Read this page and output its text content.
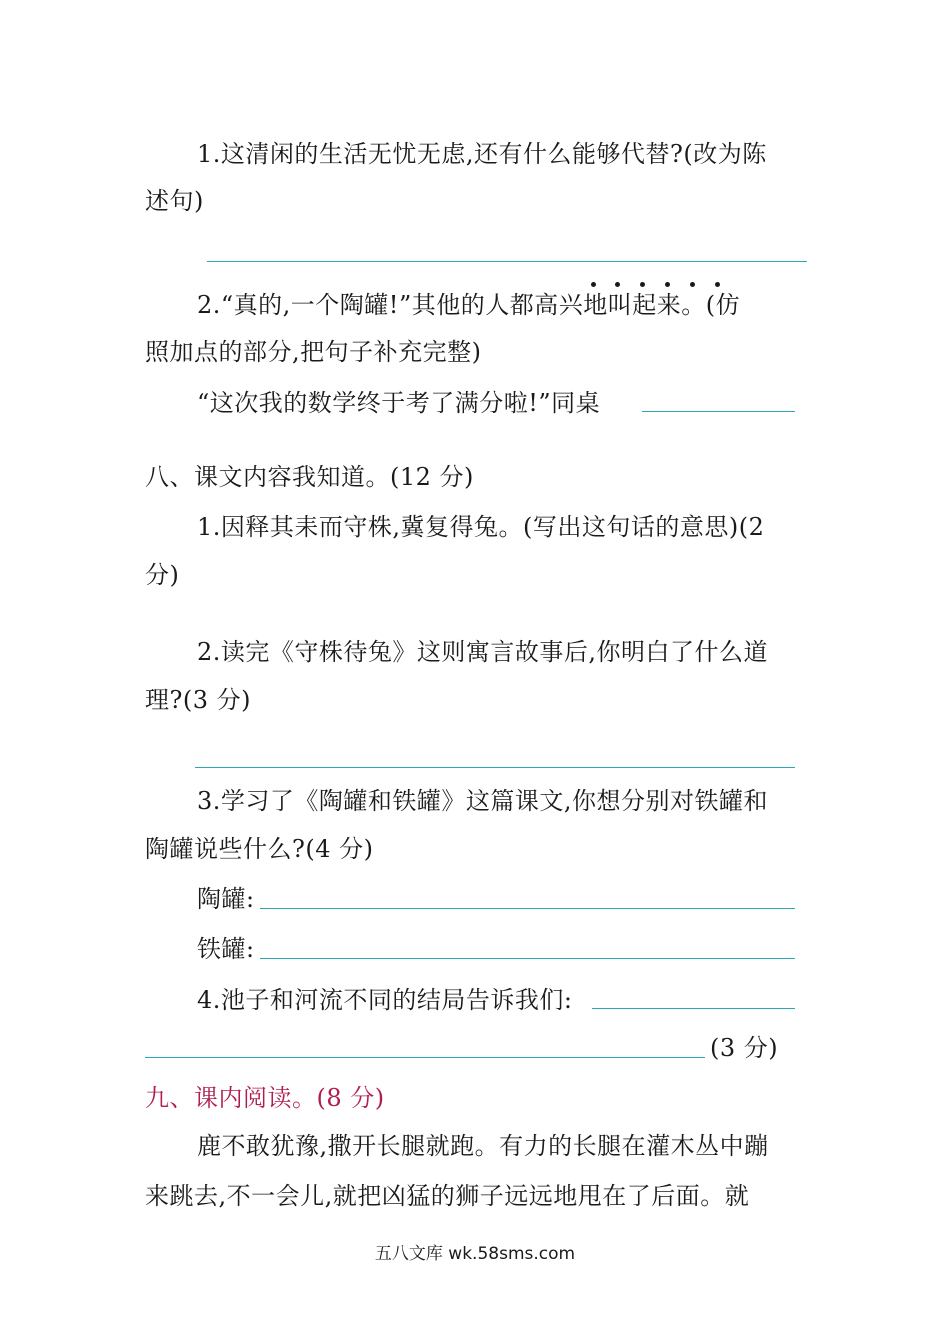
1.这清闲的生活无忧无虑,还有什么能够代替?(改为陈
述句)
2.“真的,一个陶罐!”其他的人都高兴地叫起来。(仿
照加点的部分,把句子补充完整)
“这次我的数学终于考了满分啦!”同桌
八、课文内容我知道。(12 分)
1.因释其耒而守株,冀复得兔。(写出这句话的意思)(2
分)
2.读完《守株待兔》这则寓言故事后,你明白了什么道
理?(3 分)
3.学习了《陶罐和铁罐》这篇课文,你想分别对铁罐和
陶罐说些什么?(4 分)
陶罐:
铁罐:
4.池子和河流不同的结局告诉我们:
(3 分)
九、课内阅读。(8 分)
鹿不敢犹豫,撒开长腿就跑。有力的长腿在灌木丛中蹦
来跳去,不一会儿,就把凶猛的狮子远远地甩在了后面。就
五八文库 wk.58sms.com
